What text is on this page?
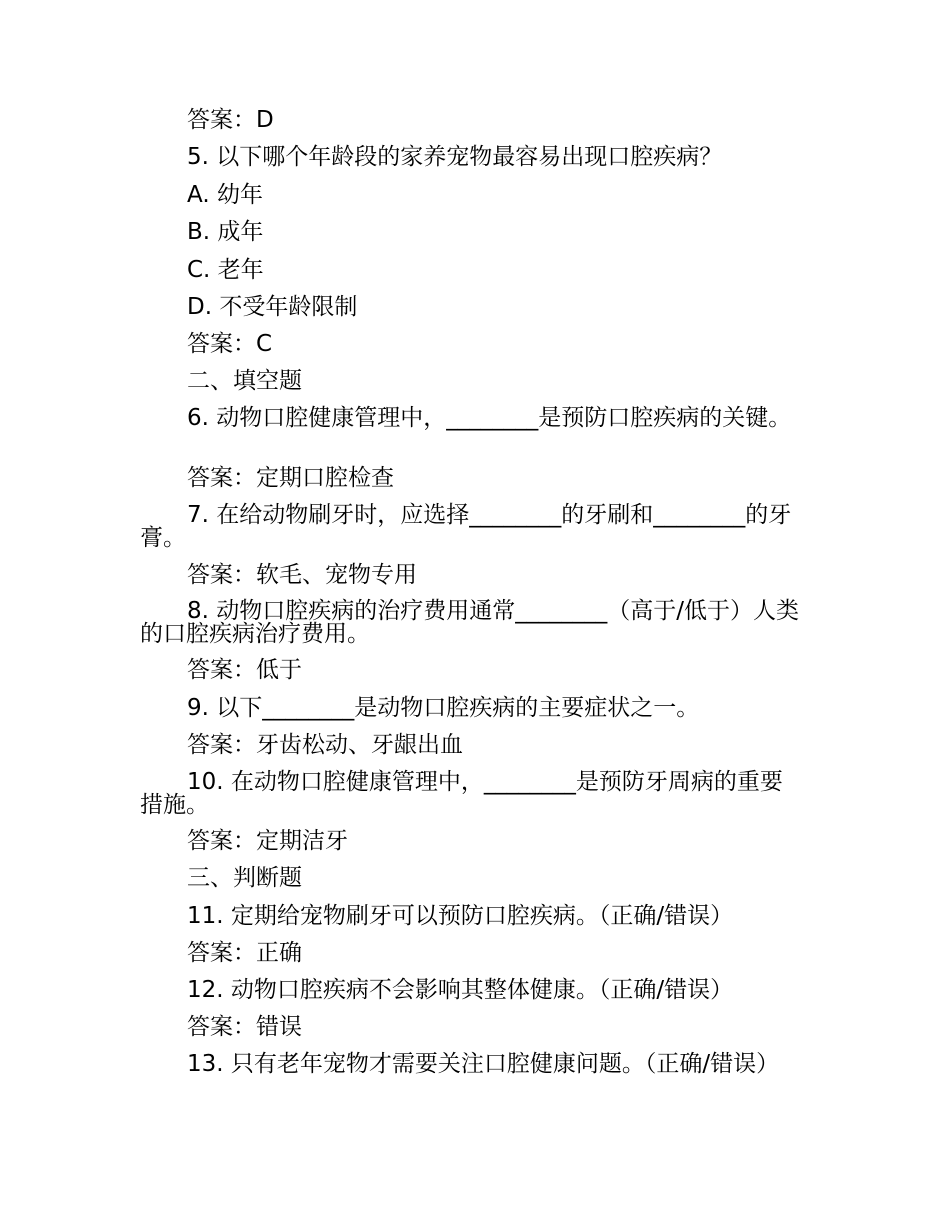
答案：D
5. 以下哪个年龄段的家养宠物最容易出现口腔疾病？
A. 幼年
B. 成年
C. 老年
D. 不受年龄限制
答案：C
二、填空题
6. 动物口腔健康管理中，________是预防口腔疾病的关键。
答案：定期口腔检查
7. 在给动物刷牙时，应选择________的牙刷和________的牙膏。
答案：软毛、宠物专用
8. 动物口腔疾病的治疗费用通常________（高于/低于）人类的口腔疾病治疗费用。
答案：低于
9. 以下________是动物口腔疾病的主要症状之一。
答案：牙齿松动、牙龈出血
10. 在动物口腔健康管理中，________是预防牙周病的重要措施。
答案：定期洁牙
三、判断题
11. 定期给宠物刷牙可以预防口腔疾病。（正确/错误）
答案：正确
12. 动物口腔疾病不会影响其整体健康。（正确/错误）
答案：错误
13. 只有老年宠物才需要关注口腔健康问题。（正确/错误）
